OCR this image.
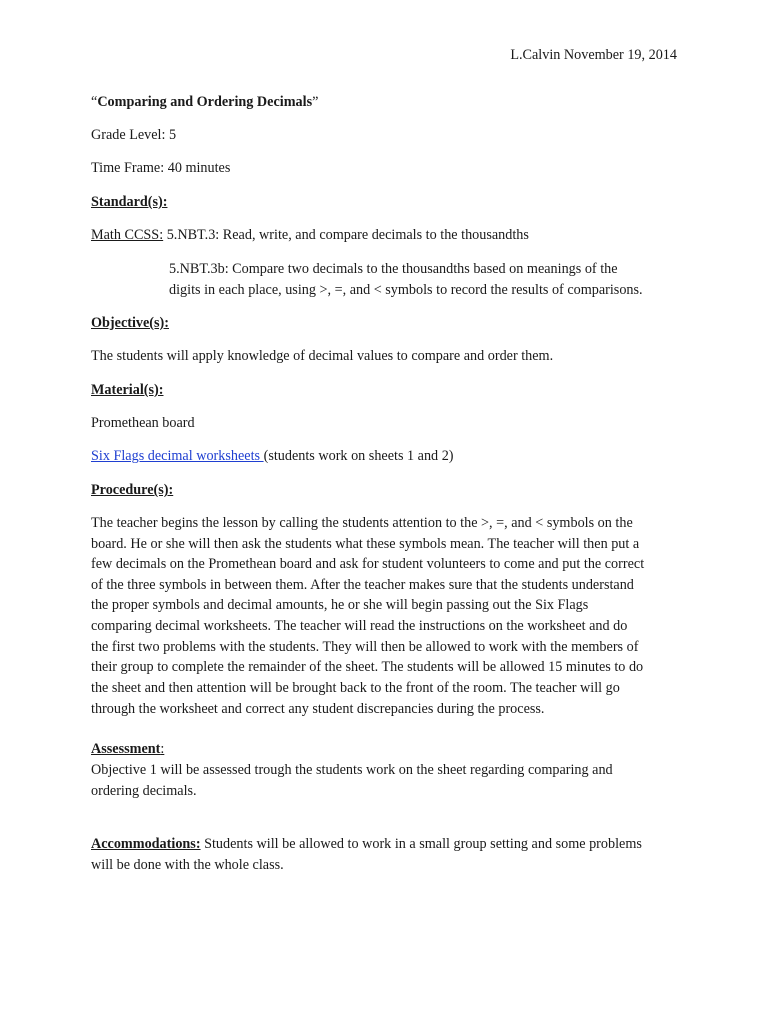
L.Calvin November 19, 2014
“Comparing and Ordering Decimals”
Grade Level: 5
Time Frame: 40 minutes
Standard(s):
Math CCSS: 5.NBT.3: Read, write, and compare decimals to the thousandths
5.NBT.3b: Compare two decimals to the thousandths based on meanings of the
digits in each place, using >, =, and < symbols to record the results of comparisons.
Objective(s):
The students will apply knowledge of decimal values to compare and order them.
Material(s):
Promethean board
Six Flags decimal worksheets (students work on sheets 1 and 2)
Procedure(s):
The teacher begins the lesson by calling the students attention to the >, =, and < symbols on the
board. He or she will then ask the students what these symbols mean. The teacher will then put a
few decimals on the Promethean board and ask for student volunteers to come and put the correct
of the three symbols in between them. After the teacher makes sure that the students understand
the proper symbols and decimal amounts, he or she will begin passing out the Six Flags
comparing decimal worksheets. The teacher will read the instructions on the worksheet and do
the first two problems with the students. They will then be allowed to work with the members of
their group to complete the remainder of the sheet. The students will be allowed 15 minutes to do
the sheet and then attention will be brought back to the front of the room. The teacher will go
through the worksheet and correct any student discrepancies during the process.
Assessment:
Objective 1 will be assessed trough the students work on the sheet regarding comparing and
ordering decimals.
Accommodations: Students will be allowed to work in a small group setting and some problems
will be done with the whole class.
